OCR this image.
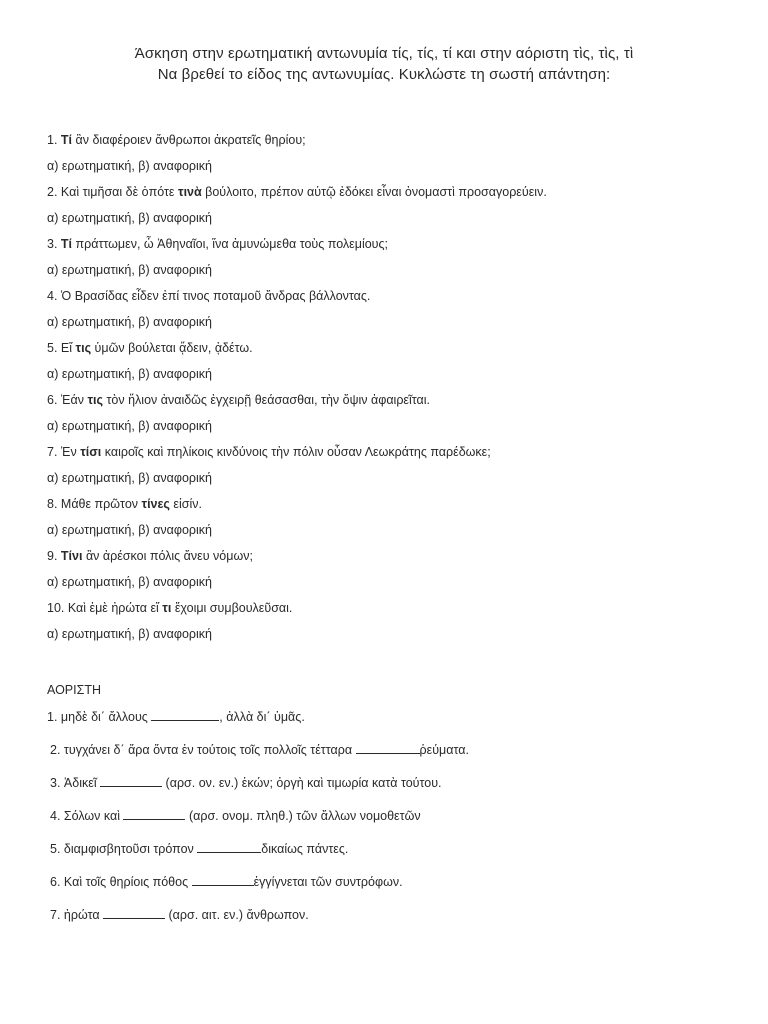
Άσκηση στην ερωτηματική αντωνυμία τίς, τίς, τί και στην αόριστη τὶς, τὶς, τὶ
Να βρεθεί το είδος της αντωνυμίας. Κυκλώστε τη σωστή απάντηση:
1. Τί ἂν διαφέροιεν ἄνθρωποι ἀκρατεῖς θηρίου;
α) ερωτηματική, β) αναφορική
2. Καὶ τιμῆσαι δὲ ὁπότε τινὰ βούλοιτο, πρέπον αὐτῷ ἐδόκει εἶναι ὀνομαστὶ προσαγορεύειν.
α) ερωτηματική, β) αναφορική
3. Τί πράττωμεν, ὦ Ἀθηναῖοι, ἵνα ἀμυνώμεθα τοὺς πολεμίους;
α) ερωτηματική, β) αναφορική
4. Ὁ Βρασίδας εἶδεν ἐπί τινος ποταμοῦ ἄνδρας βάλλοντας.
α) ερωτηματική, β) αναφορική
5. Εἴ τις ὑμῶν βούλεται ᾄδειν, ᾀδέτω.
α) ερωτηματική, β) αναφορική
6. Ἐάν τις τὸν ἥλιον ἀναιδῶς ἐγχειρῇ θεάσασθαι, τὴν ὄψιν ἀφαιρεῖται.
α) ερωτηματική, β) αναφορική
7. Ἐν τίσι καιροῖς καὶ πηλίκοις κινδύνοις τὴν πόλιν οὖσαν Λεωκράτης παρέδωκε;
α) ερωτηματική, β) αναφορική
8. Μάθε πρῶτον τίνες εἰσίν.
α) ερωτηματική, β) αναφορική
9. Τίνι ἂν ἀρέσκοι πόλις ἄνευ νόμων;
α) ερωτηματική, β) αναφορική
10. Καὶ ἐμὲ ἠρώτα εἴ τι ἔχοιμι συμβουλεῦσαι.
α) ερωτηματική, β) αναφορική
ΑΟΡΙΣΤΗ
1. μηδὲ δι΄ ἄλλους	, ἀλλὰ δι΄ ὑμᾶς.
2. τυγχάνει δ΄ ἄρα ὄντα ἐν τούτοις τοῖς πολλοῖς τέτταρα	ῥεύματα.
3. Ἀδικεῖ	(αρσ. ον. εν.) ἑκών; ὀργὴ καὶ τιμωρία κατὰ τούτου.
4. Σόλων καὶ	(αρσ. ονομ. πληθ.) τῶν ἄλλων νομοθετῶν
5. διαμφισβητοῦσι τρόπον	δικαίως πάντες.
6. Καὶ τοῖς θηρίοις πόθος	ἐγγίγνεται τῶν συντρόφων.
7. ἠρώτα	(αρσ. αιτ. εν.) ἄνθρωπον.
